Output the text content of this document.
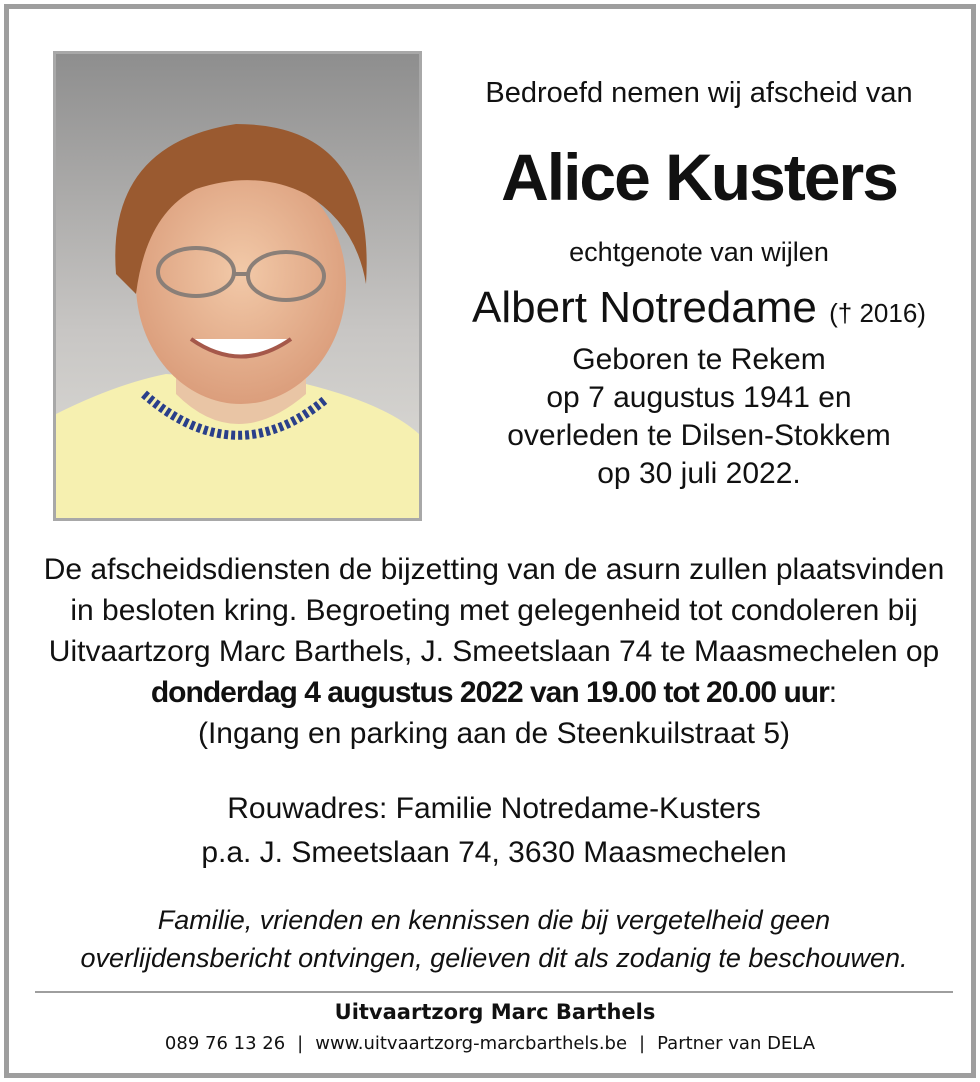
Bedroefd nemen wij afscheid van
Alice Kusters
echtgenote van wijlen
Albert Notredame († 2016)
Geboren te Rekem
op 7 augustus 1941 en
overleden te Dilsen-Stokkem
op 30 juli 2022.
De afscheidsdiensten de bijzetting van de asurn zullen plaatsvinden
in besloten kring. Begroeting met gelegenheid tot condoleren bij
Uitvaartzorg Marc Barthels, J. Smeetslaan 74 te Maasmechelen op
donderdag 4 augustus 2022 van 19.00 tot 20.00 uur:
(Ingang en parking aan de Steenkuilstraat 5)
Rouwadres: Familie Notredame-Kusters
p.a. J. Smeetslaan 74, 3630 Maasmechelen
Familie, vrienden en kennissen die bij vergetelheid geen
overlijdensbericht ontvingen, gelieven dit als zodanig te beschouwen.
Uitvaartzorg Marc Barthels
089 76 13 26 | www.uitvaartzorg-marcbarthels.be | Partner van DELA
